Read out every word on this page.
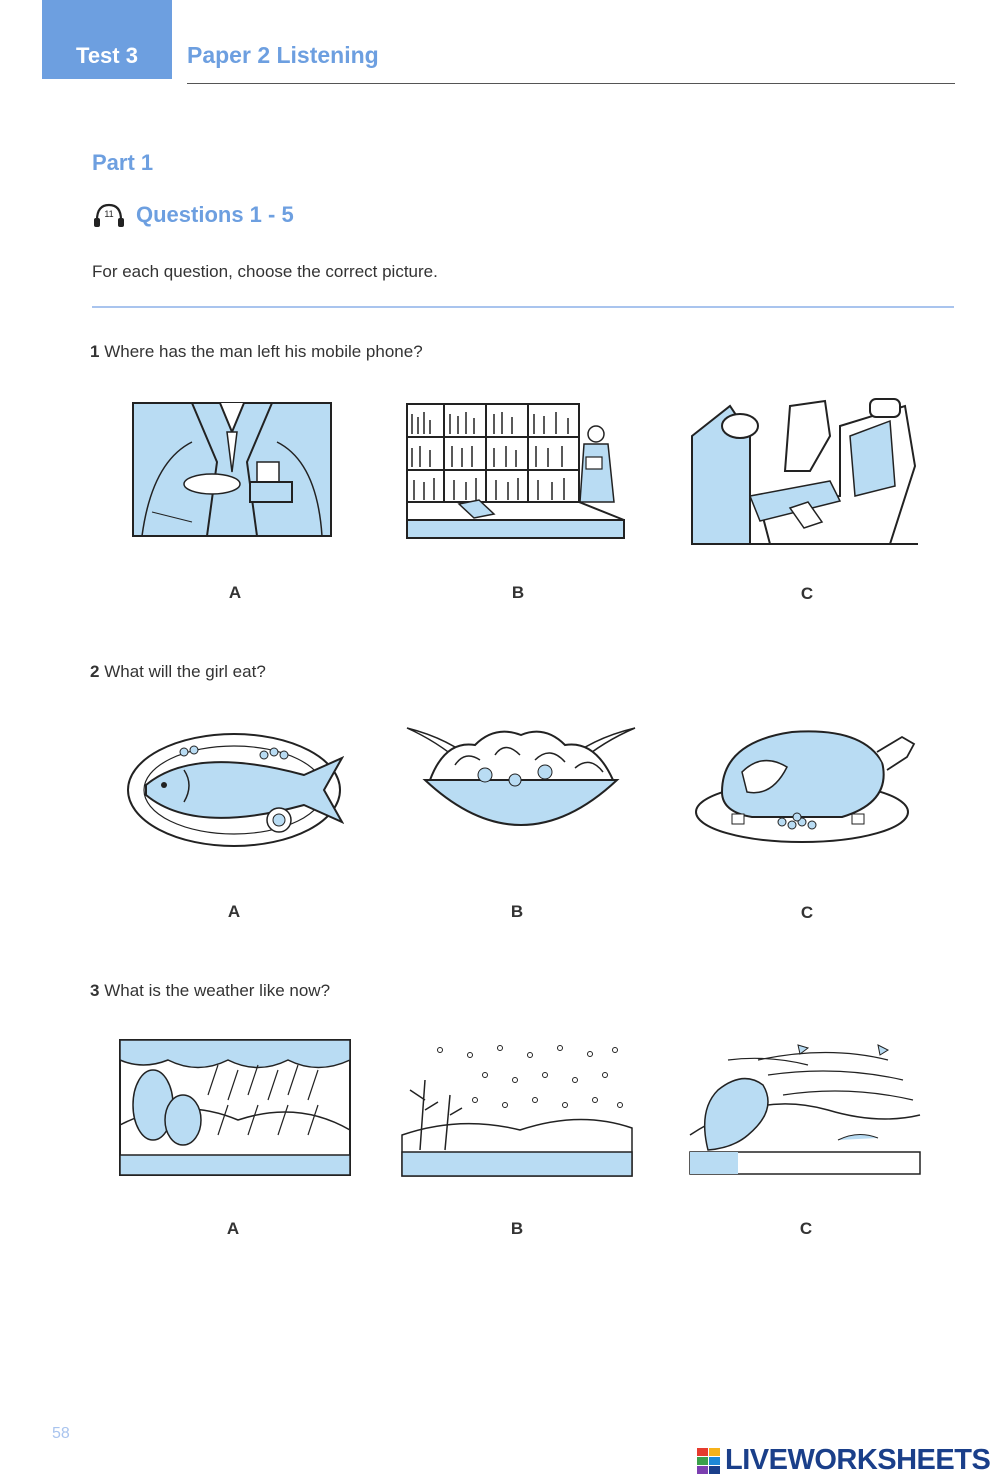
Test 3 Paper 2 Listening
Part 1
11 Questions 1 - 5
For each question, choose the correct picture.
1 Where has the man left his mobile phone?
A	B	C
2 What will the girl eat?
A	B	C
3 What is the weather like now?
A	B	C
58
LIVEWORKSHEETS
